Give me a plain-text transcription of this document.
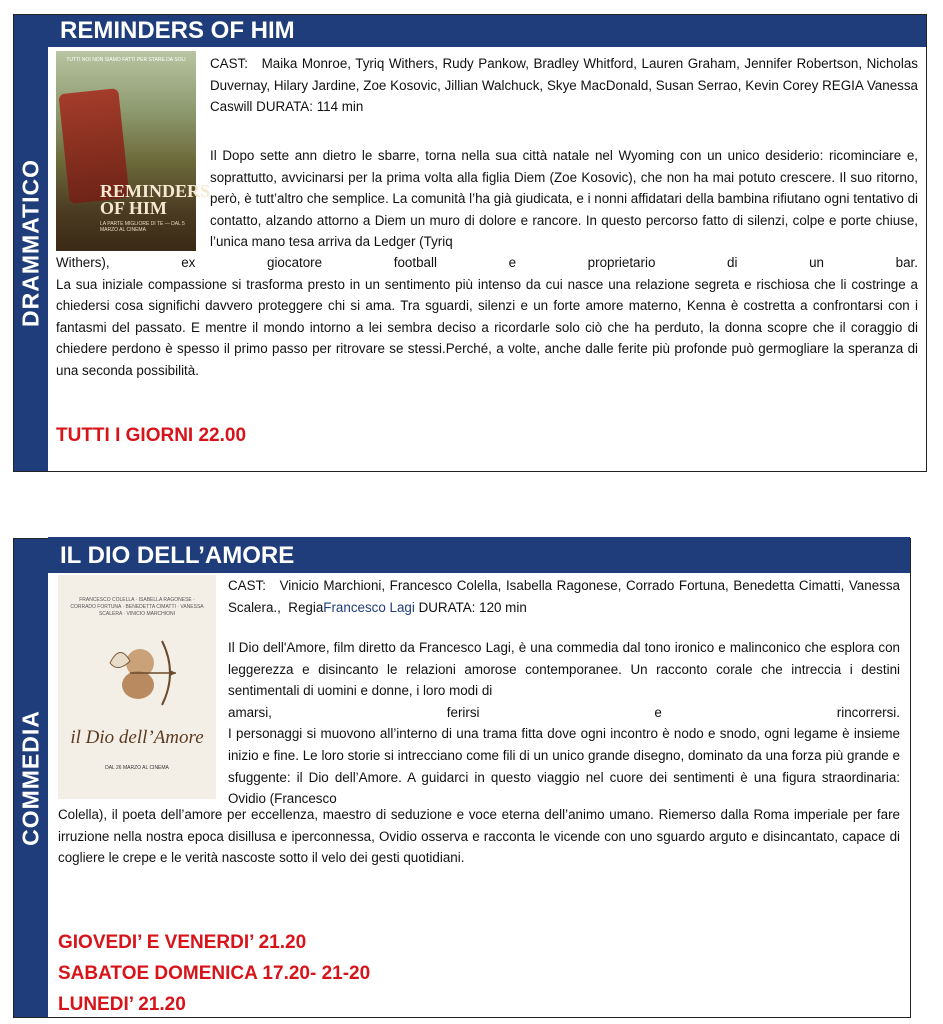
DRAMMATICO
REMINDERS OF HIM
TUTTI NOI NON SIAMO FATTI PER STARE DA SOLI
REMINDERS OF HIM
LA PARTE MIGLIORE DI TE — DAL 5 MARZO AL CINEMA
CAST: Maika Monroe, Tyriq Withers, Rudy Pankow, Bradley Whitford, Lauren Graham, Jennifer Robertson, Nicholas Duvernay, Hilary Jardine, Zoe Kosovic, Jillian Walchuck, Skye MacDonald, Susan Serrao, Kevin Corey REGIA Vanessa Caswill DURATA: 114 min
Il Dopo sette ann dietro le sbarre, torna nella sua città natale nel Wyoming con un unico desiderio: ricominciare e, soprattutto, avvicinarsi per la prima volta alla figlia Diem (Zoe Kosovic), che non ha mai potuto crescere. Il suo ritorno, però, è tutt’altro che semplice. La comunità l’ha già giudicata, e i nonni affidatari della bambina rifiutano ogni tentativo di contatto, alzando attorno a Diem un muro di dolore e rancore. In questo percorso fatto di silenzi, colpe e porte chiuse, l’unica mano tesa arriva da Ledger (Tyriq

Withers), ex giocatore football e proprietario di un bar.

La sua iniziale compassione si trasforma presto in un sentimento più intenso da cui nasce una relazione segreta e rischiosa che li costringe a chiedersi cosa significhi davvero proteggere chi si ama. Tra sguardi, silenzi e un forte amore materno, Kenna è costretta a confrontarsi con i fantasmi del passato. E mentre il mondo intorno a lei sembra deciso a ricordarle solo ciò che ha perduto, la donna scopre che il coraggio di chiedere perdono è spesso il primo passo per ritrovare se stessi.Perché, a volte, anche dalle ferite più profonde può germogliare la speranza di una seconda possibilità.

TUTTI I GIORNI 22.00
COMMEDIA
IL DIO DELL’AMORE
FRANCESCO COLELLA · ISABELLA RAGONESE · CORRADO FORTUNA · BENEDETTA CIMATTI · VANESSA SCALERA · VINICIO MARCHIONI
il Dio dell’Amore
DAL 26 MARZO AL CINEMA
CAST: Vinicio Marchioni, Francesco Colella, Isabella Ragonese, Corrado Fortuna, Benedetta Cimatti, Vanessa Scalera., RegiaFrancesco Lagi DURATA: 120 min

Il Dio dell'Amore, film diretto da Francesco Lagi, è una commedia dal tono ironico e malinconico che esplora con leggerezza e disincanto le relazioni amorose contemporanee. Un racconto corale che intreccia i destini sentimentali di uomini e donne, i loro modi di

amarsi, ferirsi e rincorrersi.

I personaggi si muovono all’interno di una trama fitta dove ogni incontro è nodo e snodo, ogni legame è insieme inizio e fine. Le loro storie si intrecciano come fili di un unico grande disegno, dominato da una forza più grande e sfuggente: il Dio dell’Amore. A guidarci in questo viaggio nel cuore dei sentimenti è una figura straordinaria: Ovidio (Francesco

Colella), il poeta dell’amore per eccellenza, maestro di seduzione e voce eterna dell’animo umano. Riemerso dalla Roma imperiale per fare irruzione nella nostra epoca disillusa e iperconnessa, Ovidio osserva e racconta le vicende con uno sguardo arguto e disincantato, capace di cogliere le crepe e le verità nascoste sotto il velo dei gesti quotidiani.
GIOVEDI’ E VENERDI’ 21.20
SABATOE DOMENICA 17.20- 21-20
LUNEDI’ 21.20
